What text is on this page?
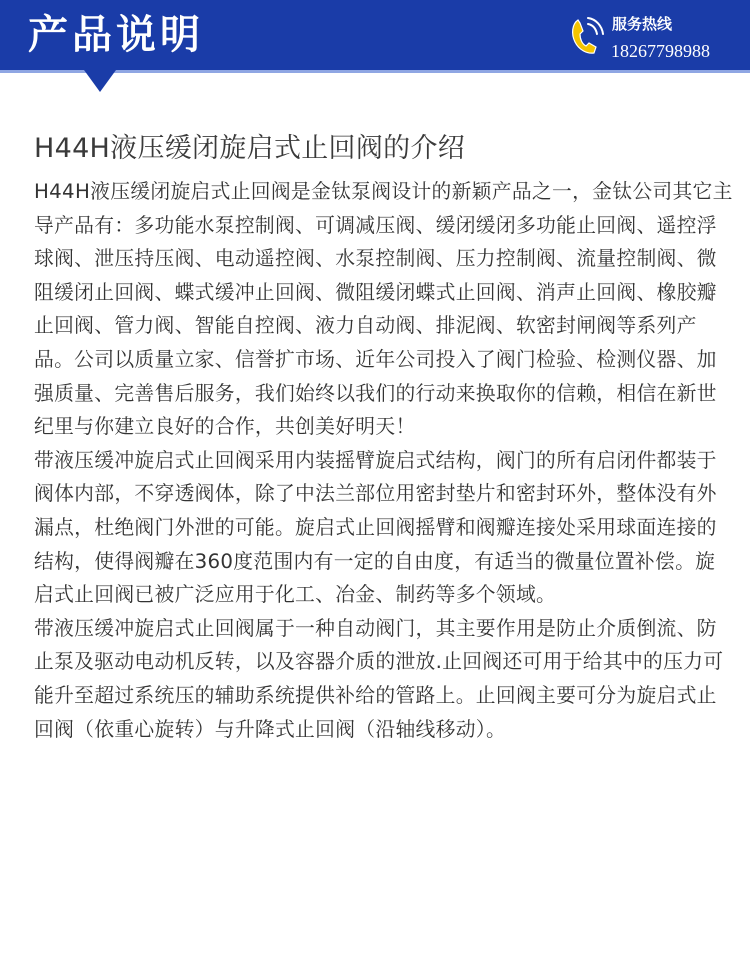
产品说明	服务热线
18267798988
H44H液压缓闭旋启式止回阀的介绍

H44H液压缓闭旋启式止回阀是金钛泵阀设计的新颖产品之一，金钛公司其它主导产品有：多功能水泵控制阀、可调减压阀、缓闭缓闭多功能止回阀、遥控浮球阀、泄压持压阀、电动遥控阀、水泵控制阀、压力控制阀、流量控制阀、微阻缓闭止回阀、蝶式缓冲止回阀、微阻缓闭蝶式止回阀、消声止回阀、橡胶瓣止回阀、管力阀、智能自控阀、液力自动阀、排泥阀、软密封闸阀等系列产品。公司以质量立家、信誉扩市场、近年公司投入了阀门检验、检测仪器、加强质量、完善售后服务，我们始终以我们的行动来换取你的信赖，相信在新世纪里与你建立良好的合作，共创美好明天！

带液压缓冲旋启式止回阀采用内装摇臂旋启式结构，阀门的所有启闭件都装于阀体内部，不穿透阀体，除了中法兰部位用密封垫片和密封环外，整体没有外漏点，杜绝阀门外泄的可能。旋启式止回阀摇臂和阀瓣连接处采用球面连接的结构，使得阀瓣在360度范围内有一定的自由度，有适当的微量位置补偿。旋启式止回阀已被广泛应用于化工、冶金、制药等多个领域。

带液压缓冲旋启式止回阀属于一种自动阀门，其主要作用是防止介质倒流、防止泵及驱动电动机反转，以及容器介质的泄放.止回阀还可用于给其中的压力可能升至超过系统压的辅助系统提供补给的管路上。止回阀主要可分为旋启式止回阀（依重心旋转）与升降式止回阀（沿轴线移动）。
